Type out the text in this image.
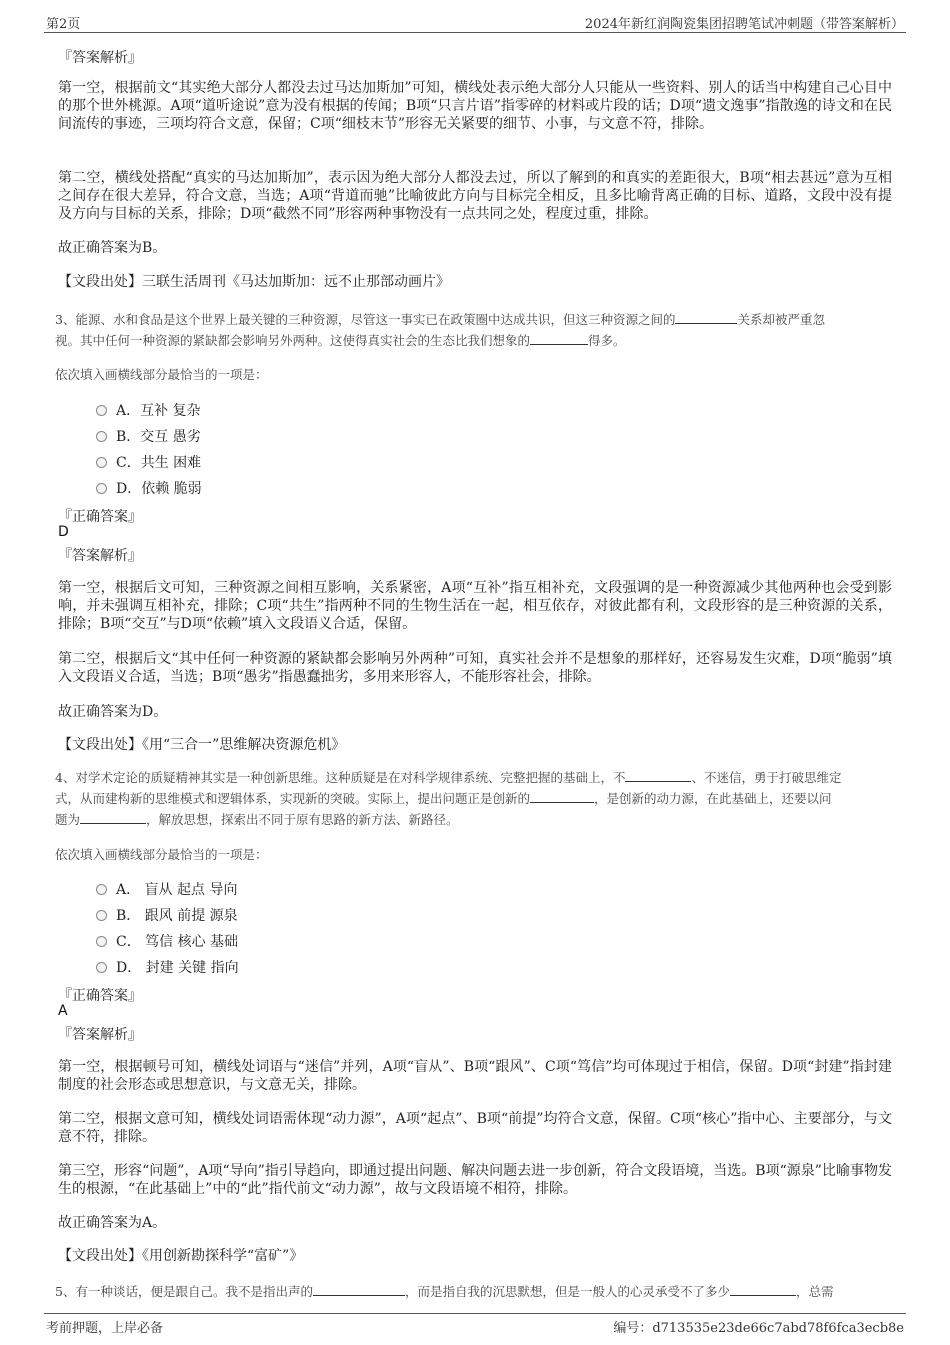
第2页	2024年新红润陶瓷集团招聘笔试冲刺题（带答案解析）
『答案解析』

第一空，根据前文“其实绝大部分人都没去过马达加斯加”可知，横线处表示绝大部分人只能从一些资料、别人的话当中构建自己心目中的那个世外桃源。A项“道听途说”意为没有根据的传闻；B项“只言片语”指零碎的材料或片段的话；D项“遗文逸事”指散逸的诗文和在民间流传的事迹，三项均符合文意，保留；C项“细枝末节”形容无关紧要的细节、小事，与文意不符，排除。

第二空，横线处搭配“真实的马达加斯加”，表示因为绝大部分人都没去过，所以了解到的和真实的差距很大，B项“相去甚远”意为互相之间存在很大差异，符合文意，当选；A项“背道而驰”比喻彼此方向与目标完全相反，且多比喻背离正确的目标、道路，文段中没有提及方向与目标的关系，排除；D项“截然不同”形容两种事物没有一点共同之处，程度过重，排除。

故正确答案为B。

【文段出处】三联生活周刊《马达加斯加：远不止那部动画片》

3、能源、水和食品是这个世界上最关键的三种资源，尽管这一事实已在政策圈中达成共识，但这三种资源之间的	关系却被严重忽
视。其中任何一种资源的紧缺都会影响另外两种。这使得真实社会的生态比我们想象的	得多。
依次填入画横线部分最恰当的一项是：
A．互补 复杂
B．交互 愚劣
C．共生 困难
D．依赖 脆弱
『正确答案』
D
『答案解析』

第一空，根据后文可知，三种资源之间相互影响，关系紧密，A项“互补”指互相补充，文段强调的是一种资源减少其他两种也会受到影响，并未强调互相补充，排除；C项“共生”指两种不同的生物生活在一起，相互依存，对彼此都有利，文段形容的是三种资源的关系，排除；B项“交互”与D项“依赖”填入文段语义合适，保留。

第二空，根据后文“其中任何一种资源的紧缺都会影响另外两种”可知，真实社会并不是想象的那样好，还容易发生灾难，D项“脆弱”填入文段语义合适，当选；B项“愚劣”指愚蠢拙劣，多用来形容人，不能形容社会，排除。

故正确答案为D。

【文段出处】《用“三合一”思维解决资源危机》

4、对学术定论的质疑精神其实是一种创新思维。这种质疑是在对科学规律系统、完整把握的基础上，不	、不迷信，勇于打破思维定
式，从而建构新的思维模式和逻辑体系，实现新的突破。实际上，提出问题正是创新的	，是创新的动力源，在此基础上，还要以问
题为	，解放思想，探索出不同于原有思路的新方法、新路径。
依次填入画横线部分最恰当的一项是：
A． 盲从 起点 导向
B． 跟风 前提 源泉
C． 笃信 核心 基础
D． 封建 关键 指向
『正确答案』
A
『答案解析』

第一空，根据顿号可知，横线处词语与“迷信”并列，A项“盲从”、B项“跟风”、C项“笃信”均可体现过于相信，保留。D项“封建”指封建制度的社会形态或思想意识，与文意无关，排除。

第二空，根据文意可知，横线处词语需体现“动力源”，A项“起点”、B项“前提”均符合文意，保留。C项“核心”指中心、主要部分，与文意不符，排除。

第三空，形容“问题”，A项“导向”指引导趋向，即通过提出问题、解决问题去进一步创新，符合文段语境，当选。B项“源泉”比喻事物发生的根源，“在此基础上”中的“此”指代前文“动力源”，故与文段语境不相符，排除。

故正确答案为A。

【文段出处】《用创新勘探科学“富矿”》

5、有一种谈话，便是跟自己。我不是指出声的	，而是指自我的沉思默想，但是一般人的心灵承受不了多少	，总需
考前押题，上岸必备	编号：d713535e23de66c7abd78f6fca3ecb8e
